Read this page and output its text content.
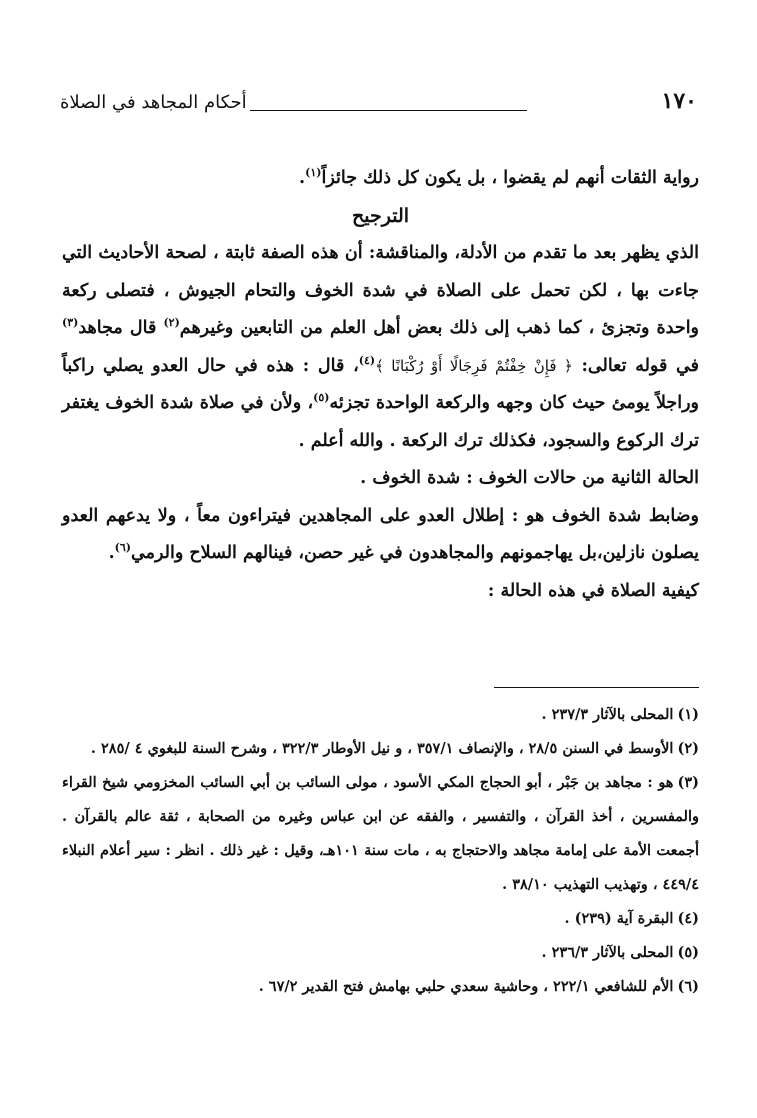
١٧٠
أحكام المجاهد في الصلاة

رواية الثقات أنهم لم يقضوا ، بل يكون كل ذلك جائزاً$^{(١)}$.

الترجيح

الذي يظهر بعد ما تقدم من الأدلة، والمناقشة: أن هذه الصفة ثابتة ، لصحة الأحاديث التي جاءت بها ، لكن تحمل على الصلاة في شدة الخوف والتحام الجيوش ، فتصلى ركعة واحدة وتجزئ ، كما ذهب إلى ذلك بعض أهل العلم من التابعين وغيرهم$^{(٢)}$ قال مجاهد$^{(٣)}$ في قوله تعالى: ﴿ فَإِنْ خِفْتُمْ فَرِجَالًا أَوْ رُكْبَانًا ﴾$^{(٤)}$، قال : هذه في حال العدو يصلي راكباً وراجلاً يومئ حيث كان وجهه والركعة الواحدة تجزئه$^{(٥)}$، ولأن في صلاة شدة الخوف يغتفر ترك الركوع والسجود، فكذلك ترك الركعة . والله أعلم .

الحالة الثانية من حالات الخوف : شدة الخوف .

وضابط شدة الخوف هو : إطلال العدو على المجاهدين فيتراءون معاً ، ولا يدعهم العدو يصلون نازلين،بل يهاجمونهم والمجاهدون في غير حصن، فينالهم السلاح والرمي$^{(٦)}$.

كيفية الصلاة في هذه الحالة :

(١)المحلى بالآثار ٢٣٧/٣ .

(٢)الأوسط في السنن ٢٨/٥ ، والإنصاف ٣٥٧/١ ، و نيل الأوطار ٣٢٢/٣ ، وشرح السنة للبغوي ٤ /٢٨٥ .

(٣)هو : مجاهد بن جَبْر ، أبو الحجاج المكي الأسود ، مولى السائب بن أبي السائب المخزومي شيخ القراء والمفسرين ، أخذ القرآن ، والتفسير ، والفقه عن ابن عباس وغيره من الصحابة ، ثقة عالم بالقرآن . أجمعت الأمة على إمامة مجاهد والاحتجاج به ، مات سنة ١٠١هـ، وقيل : غير ذلك . انظر : سير أعلام النبلاء ٤٤٩/٤ ، وتهذيب التهذيب ٣٨/١٠ .

(٤)البقرة آية (٢٣٩) .

(٥)المحلى بالآثار ٢٣٦/٣ .

(٦)الأم للشافعي ٢٢٢/١ ، وحاشية سعدي حلبي بهامش فتح القدير ٦٧/٢ .
